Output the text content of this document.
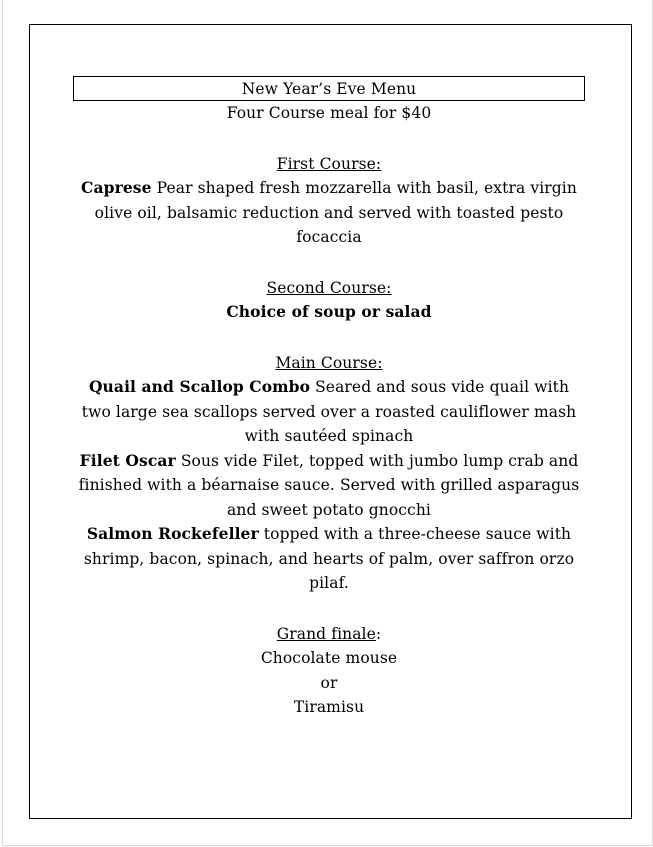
New Year’s Eve Menu
Four Course meal for $40
First Course:
Caprese Pear shaped fresh mozzarella with basil, extra virgin olive oil, balsamic reduction and served with toasted pesto focaccia
Second Course:
Choice of soup or salad
Main Course:
Quail and Scallop Combo Seared and sous vide quail with two large sea scallops served over a roasted cauliflower mash with sautéed spinach
Filet Oscar Sous vide Filet, topped with jumbo lump crab and finished with a béarnaise sauce. Served with grilled asparagus and sweet potato gnocchi
Salmon Rockefeller topped with a three-cheese sauce with shrimp, bacon, spinach, and hearts of palm, over saffron orzo pilaf.
Grand finale:
Chocolate mouse
or
Tiramisu
